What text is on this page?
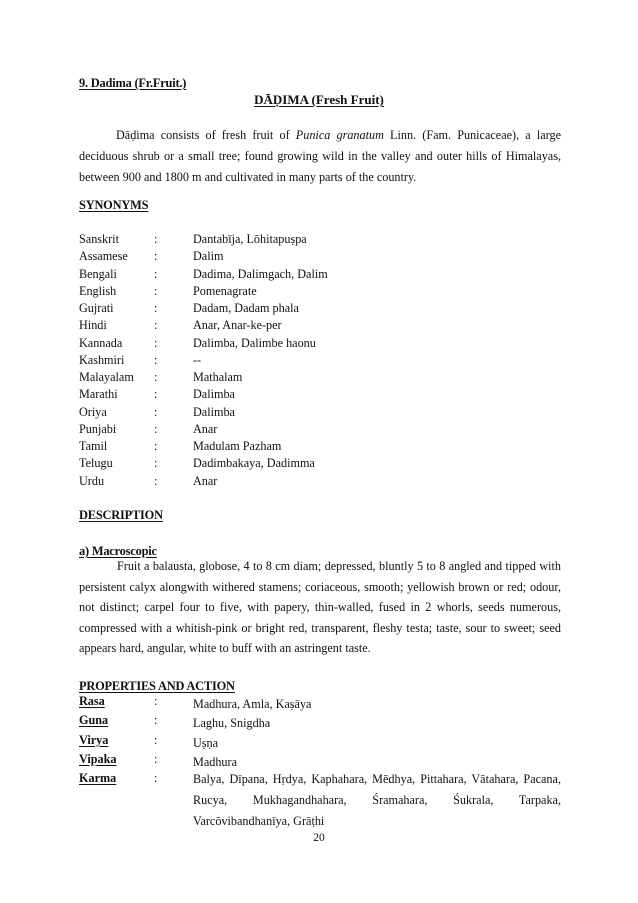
9. Dadima (Fr.Fruit.)
DĀḌIMA (Fresh Fruit)
Dāḍima consists of fresh fruit of Punica granatum Linn. (Fam. Punicaceae), a large deciduous shrub or a small tree; found growing wild in the valley and outer hills of Himalayas, between 900 and 1800 m and cultivated in many parts of the country.
SYNONYMS
Sanskrit	:	Dantabīja, Lōhitapuṣpa
Assamese :	Dalim
Bengali	:	Dadima, Dalimgach, Dalim
English	:	Pomenagrate
Gujrati	:	Dadam, Dadam phala
Hindi	:	Anar, Anar-ke-per
Kannada	:	Dalimba, Dalimbe haonu
Kashmiri :	--
Malayalam :	Mathalam
Marathi	:	Dalimba
Oriya	:	Dalimba
Punjabi	:	Anar
Tamil	:	Madulam Pazham
Telugu	:	Dadimbakaya, Dadimma
Urdu	:	Anar
DESCRIPTION
a) Macroscopic
Fruit a balausta, globose, 4 to 8 cm diam; depressed, bluntly 5 to 8 angled and tipped with persistent calyx alongwith withered stamens; coriaceous, smooth; yellowish brown or red; odour, not distinct; carpel four to five, with papery, thin-walled, fused in 2 whorls, seeds numerous, compressed with a whitish-pink or bright red, transparent, fleshy testa; taste, sour to sweet; seed appears hard, angular, white to buff with an astringent taste.
PROPERTIES AND ACTION
Rasa	:	Madhura, Amla, Kaṣāya
Guna	:	Laghu, Snigdha
Virya	:	Uṣṇa
Vipaka	:	Madhura
Karma	:	Balya, Dīpana, Hṛdya, Kaphahara, Mēdhya, Pittahara, Vātahara, Pacana, Rucya, Mukhagandhahara, Śramahara, Śukrala, Tarpaka, Varcōvibandhanīya, Grāṭhi
20
